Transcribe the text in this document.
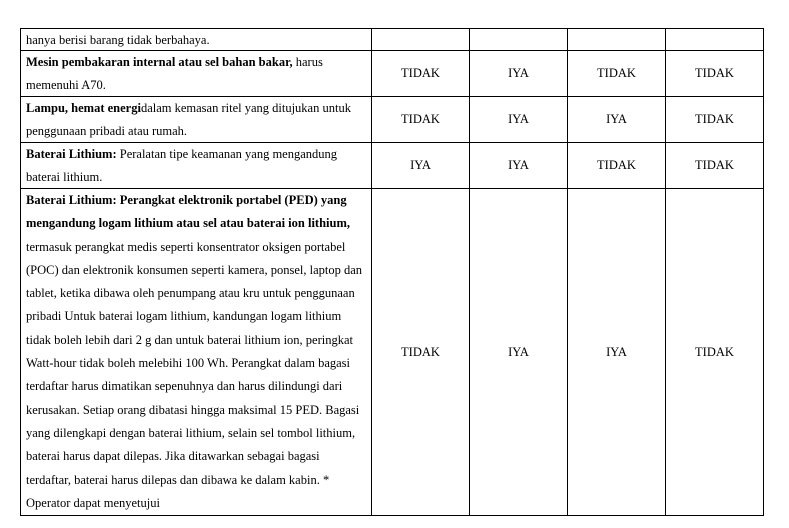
hanya berisi barang tidak berbahaya.				
Mesin pembakaran internal atau sel bahan bakar, harus memenuhi A70.	TIDAK	IYA	TIDAK	TIDAK
Lampu, hemat energidalam kemasan ritel yang ditujukan untuk penggunaan pribadi atau rumah.	TIDAK	IYA	IYA	TIDAK
Baterai Lithium: Peralatan tipe keamanan yang mengandung baterai lithium.	IYA	IYA	TIDAK	TIDAK
Baterai Lithium: Perangkat elektronik portabel (PED) yang mengandung logam lithium atau sel atau baterai ion lithium, termasuk perangkat medis seperti konsentrator oksigen portabel (POC) dan elektronik konsumen seperti kamera, ponsel, laptop dan tablet, ketika dibawa oleh penumpang atau kru untuk penggunaan pribadi Untuk baterai logam lithium, kandungan logam lithium tidak boleh lebih dari 2 g dan untuk baterai lithium ion, peringkat Watt-hour tidak boleh melebihi 100 Wh. Perangkat dalam bagasi terdaftar harus dimatikan sepenuhnya dan harus dilindungi dari kerusakan. Setiap orang dibatasi hingga maksimal 15 PED. Bagasi yang dilengkapi dengan baterai lithium, selain sel tombol lithium, baterai harus dapat dilepas. Jika ditawarkan sebagai bagasi terdaftar, baterai harus dilepas dan dibawa ke dalam kabin. * Operator dapat menyetujui	TIDAK	IYA	IYA	TIDAK
